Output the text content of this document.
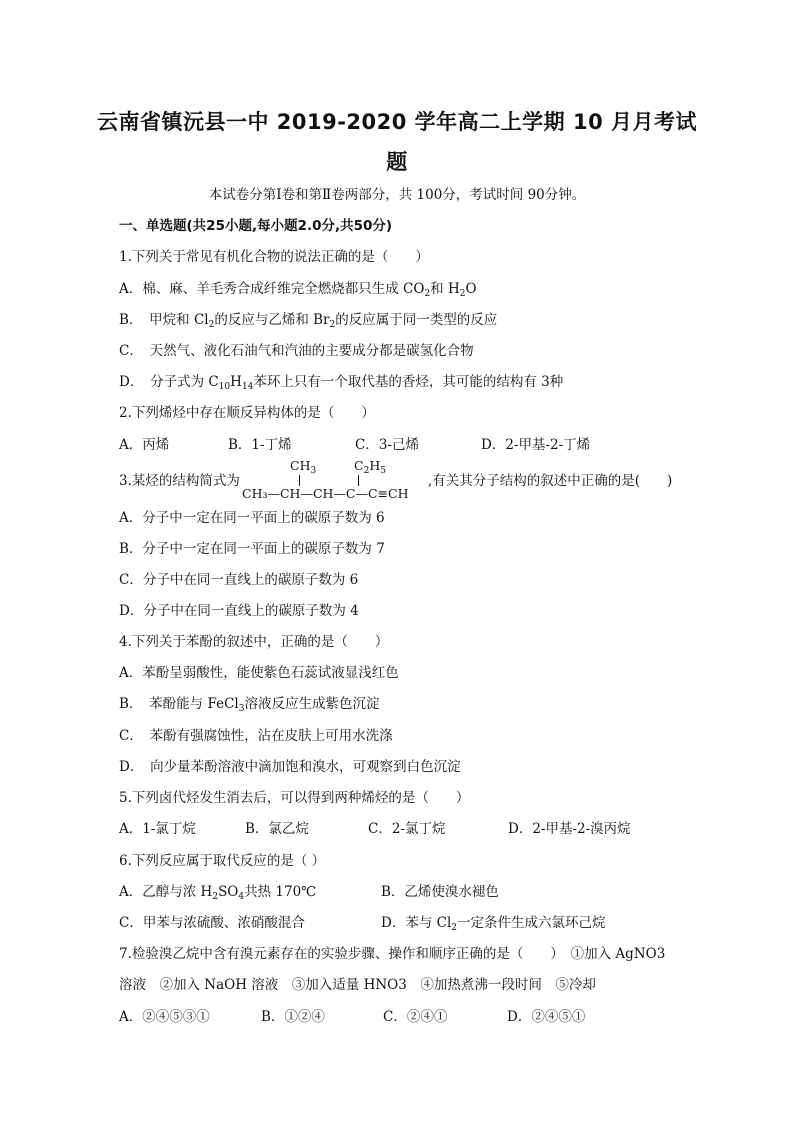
云南省镇沅县一中 2019-2020 学年高二上学期 10 月月考试
题
本试卷分第Ⅰ卷和第Ⅱ卷两部分，共 100分，考试时间 90分钟。
一、单选题(共25小题,每小题2.0分,共50分)
1.下列关于常见有机化合物的说法正确的是（　　）
A．棉、麻、羊毛秀合成纤维完全燃烧都只生成 $CO_2$和 $H_2O$
B．　甲烷和 $Cl_2$的反应与乙烯和 $Br_2$的反应属于同一类型的反应
C．　天然气、液化石油气和汽油的主要成分都是碳氢化合物
D．　分子式为 $C_{10}H_{14}$苯环上只有一个取代基的香烃，其可能的结构有 3种
2.下列烯烃中存在顺反异构体的是（　　）
A．丙烯	B．1-丁烯	C．3-己烯	D．2-甲基-2-丁烯
3.某烃的结构简式为
$CH_3$	$C_2H_5$
CH₃—CH—CH—C—C≡CH
,有关其分子结构的叙述中正确的是(　　)
A．分子中一定在同一平面上的碳原子数为 6
B．分子中一定在同一平面上的碳原子数为 7
C．分子中在同一直线上的碳原子数为 6
D．分子中在同一直线上的碳原子数为 4
4.下列关于苯酚的叙述中，正确的是（　　）
A．苯酚呈弱酸性，能使紫色石蕊试液显浅红色
B．　苯酚能与 FeCl$_3$溶液反应生成紫色沉淀
C．　苯酚有强腐蚀性，沾在皮肤上可用水洗涤
D．　向少量苯酚溶液中滴加饱和溴水，可观察到白色沉淀
5.下列卤代烃发生消去后，可以得到两种烯烃的是（　　）
A．1-氯丁烷	B．氯乙烷	C．2-氯丁烷	D．2-甲基-2-溴丙烷
6.下列反应属于取代反应的是（ ）
A．乙醇与浓 $H_2SO_4$共热 170℃	B．乙烯使溴水褪色
C．甲苯与浓硫酸、浓硝酸混合	D．苯与 $Cl_2$一定条件生成六氯环己烷
7.检验溴乙烷中含有溴元素存在的实验步骤、操作和顺序正确的是（　　）　①加入 AgNO3
溶液　②加入 NaOH 溶液　③加入适量 HNO3　④加热煮沸一段时间　⑤冷却
A．②④⑤③①	B．①②④	C．②④①	D．②④⑤①
